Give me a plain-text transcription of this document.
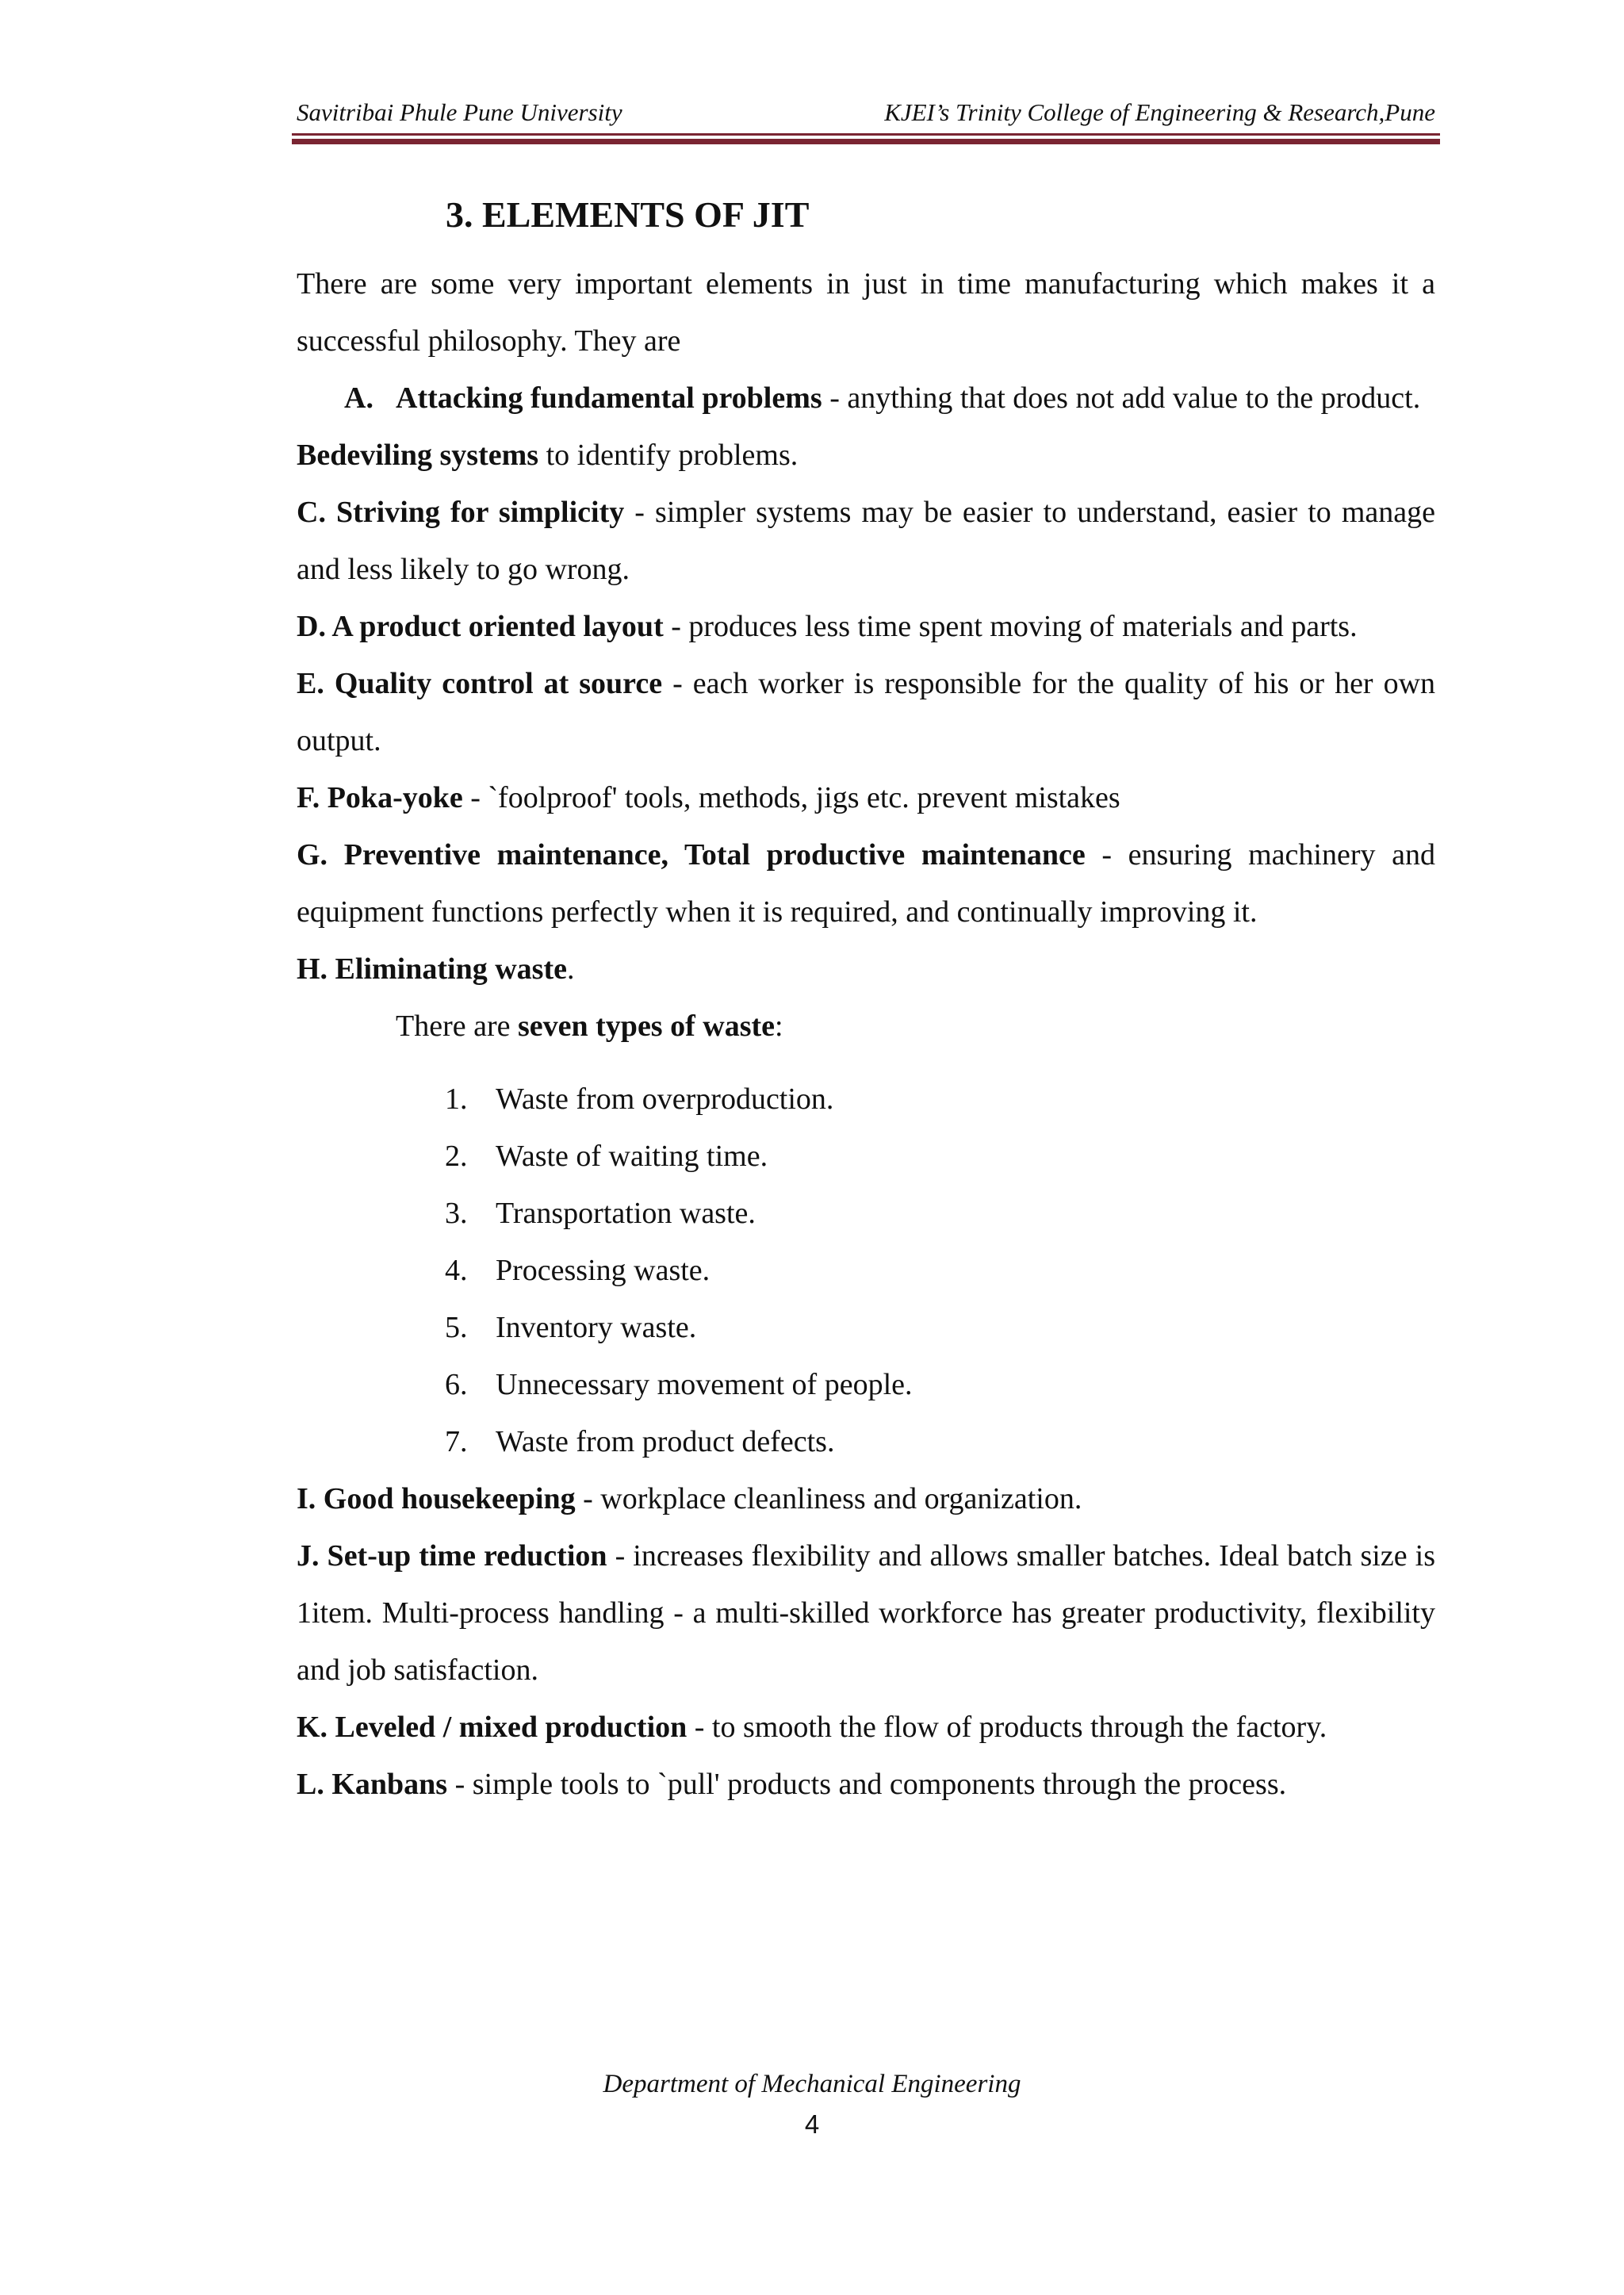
Savitribai Phule Pune University	KJEI’s Trinity College of Engineering & Research,Pune
3. ELEMENTS OF JIT

There are some very important elements in just in time manufacturing which makes it a successful philosophy. They are

A. Attacking fundamental problems - anything that does not add value to the product.

Bedeviling systems to identify problems.

C. Striving for simplicity - simpler systems may be easier to understand, easier to manage and less likely to go wrong.

D. A product oriented layout - produces less time spent moving of materials and parts.

E. Quality control at source - each worker is responsible for the quality of his or her own output.

F. Poka-yoke - `foolproof' tools, methods, jigs etc. prevent mistakes

G. Preventive maintenance, Total productive maintenance - ensuring machinery and equipment functions perfectly when it is required, and continually improving it.

H. Eliminating waste.

There are seven types of waste:

1. Waste from overproduction.
2. Waste of waiting time.
3. Transportation waste.
4. Processing waste.
5. Inventory waste.
6. Unnecessary movement of people.
7. Waste from product defects.

I. Good housekeeping - workplace cleanliness and organization.

J. Set-up time reduction - increases flexibility and allows smaller batches. Ideal batch size is 1item. Multi-process handling - a multi-skilled workforce has greater productivity, flexibility and job satisfaction.

K. Leveled / mixed production - to smooth the flow of products through the factory.

L. Kanbans - simple tools to `pull' products and components through the process.

Department of Mechanical Engineering
4
